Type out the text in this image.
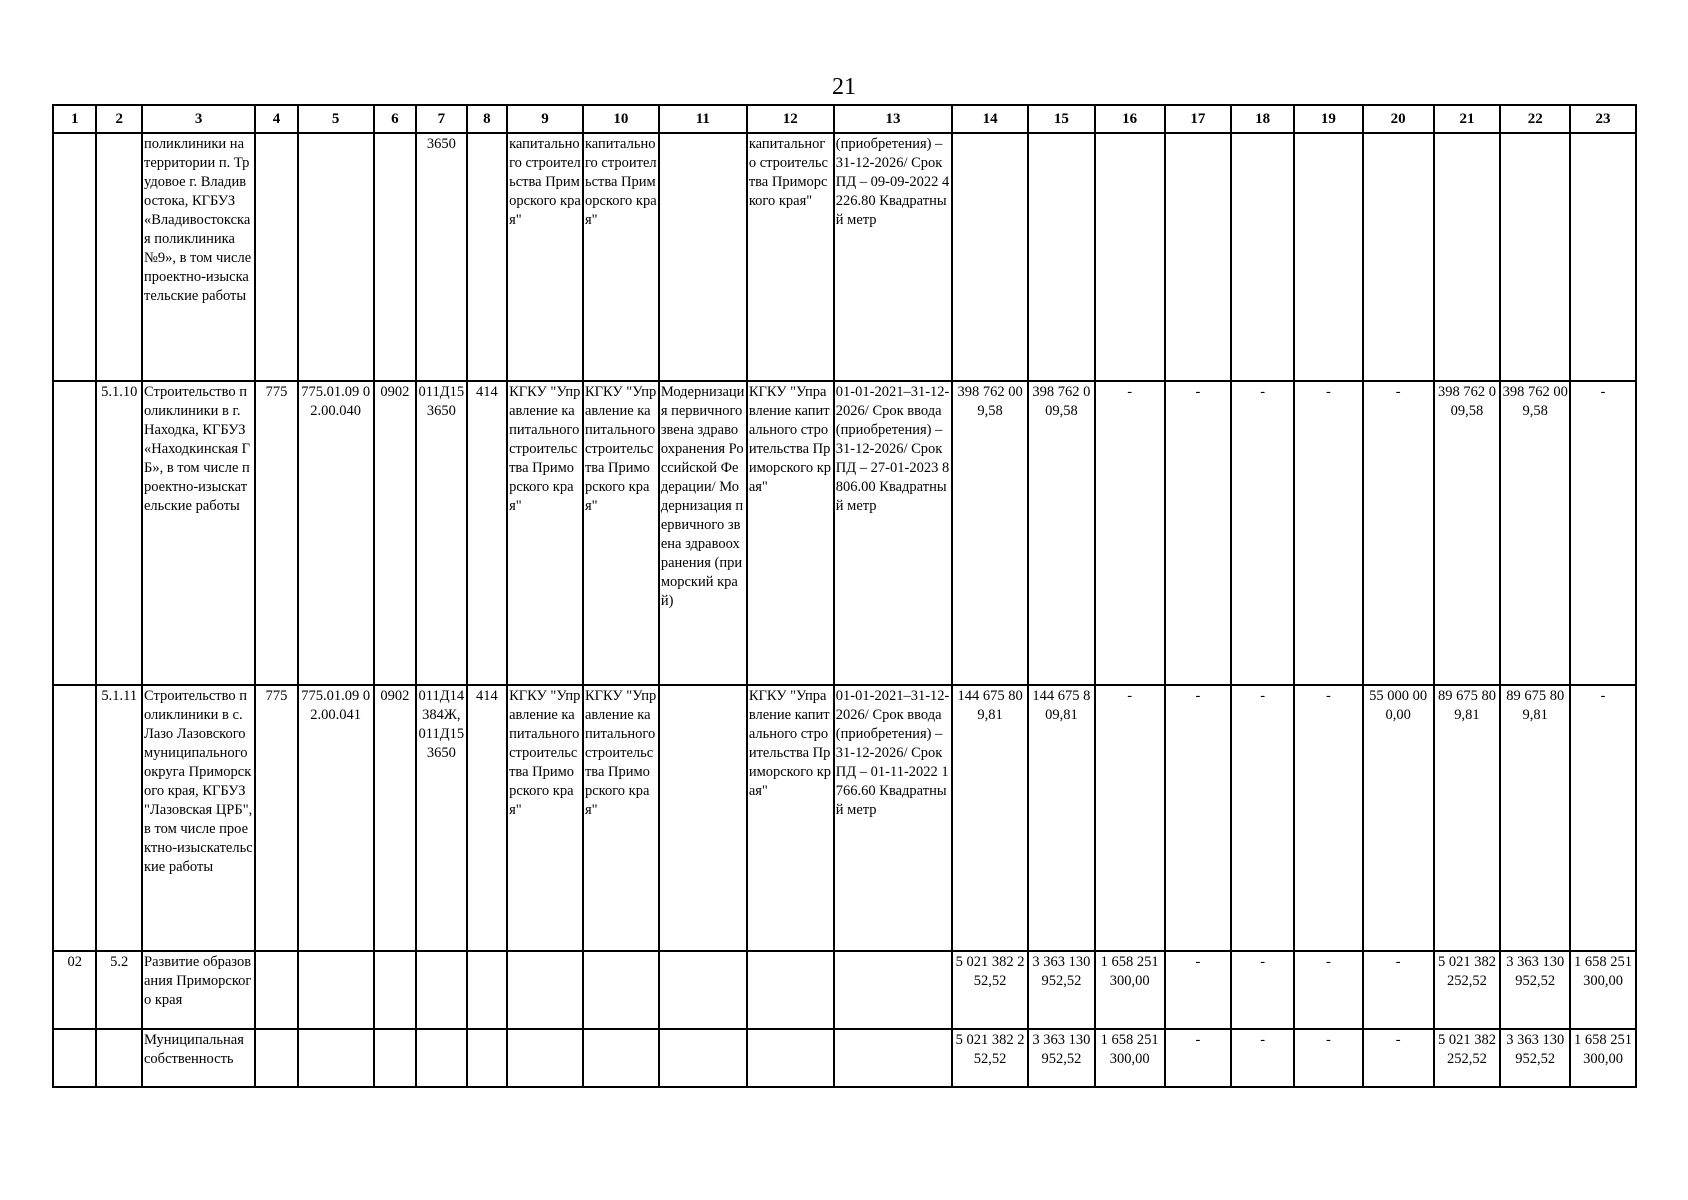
21
1	2	3	4	5	6	7	8	9	10	11	12	13	14	15	16	17	18	19	20	21	22	23
		поликлиники на территории п. Трудовое г. Владивостока, КГБУЗ «Владивостокская поликлиника №9», в том числе проектно-изыскательские работы				3650		капитального строительства Приморского края"	капитального строительства Приморского края"		капитального строительства Приморского края"	(приобретения) – 31-12-2026/ Срок ПД – 09-09-2022 4226.80 Квадратный метр										
	5.1.10	Строительство поликлиники в г. Находка, КГБУЗ «Находкинская ГБ», в том числе проектно-изыскательские работы	775	775.01.09 02.00.040	0902	011Д15 3650	414	КГКУ "Управление капитального строительства Приморского края"	КГКУ "Управление капитального строительства Приморского края"	Модернизация первичного звена здравоохранения Российской Федерации/ Модернизация первичного звена здравоохранения (приморский край)	КГКУ "Управление капитального строительства Приморского края"	01-01-2021–31-12-2026/ Срок ввода (приобретения) – 31-12-2026/ Срок ПД – 27-01-2023 8806.00 Квадратный метр	398 762 009,58	398 762 009,58	-	-	-	-	-	398 762 009,58	398 762 009,58	-
	5.1.11	Строительство поликлиники в с. Лазо Лазовского муниципального округа Приморского края, КГБУЗ "Лазовская ЦРБ", в том числе проектно-изыскательские работы	775	775.01.09 02.00.041	0902	011Д14 384Ж, 011Д15 3650	414	КГКУ "Управление капитального строительства Приморского края"	КГКУ "Управление капитального строительства Приморского края"		КГКУ "Управление капитального строительства Приморского края"	01-01-2021–31-12-2026/ Срок ввода (приобретения) – 31-12-2026/ Срок ПД – 01-11-2022 1766.60 Квадратный метр	144 675 809,81	144 675 809,81	-	-	-	-	55 000 000,00	89 675 809,81	89 675 809,81	-
02	5.2	Развитие образования Приморского края											5 021 382 252,52	3 363 130 952,52	1 658 251 300,00	-	-	-	-	5 021 382 252,52	3 363 130 952,52	1 658 251 300,00
		Муниципальная собственность											5 021 382 252,52	3 363 130 952,52	1 658 251 300,00	-	-	-	-	5 021 382 252,52	3 363 130 952,52	1 658 251 300,00
